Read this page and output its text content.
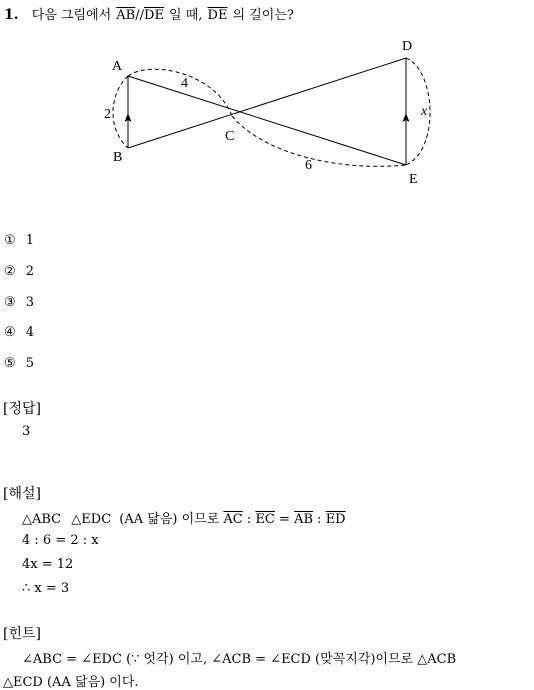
1. 다음 그림에서 $\overline{AB}//\overline{DE}$ 일 때, $\overline{DE}$ 의 길이는?
A
B
C
D
E
4
2
6
x
① 1
② 2
③ 3
④ 4
⑤ 5
[정답]
3
[해설]
△ABC △EDC (AA 닮음) 이므로 $\overline{AC}$ : $\overline{EC} = \overline{AB}$ : $\overline{ED}$
4 : 6 = 2 : x
4x = 12
∴ x = 3
[힌트]
∠ABC = ∠EDC (∵ 엇각) 이고, ∠ACB = ∠ECD (맞꼭지각)이므로 △ACB
△ECD (AA 닮음) 이다.
